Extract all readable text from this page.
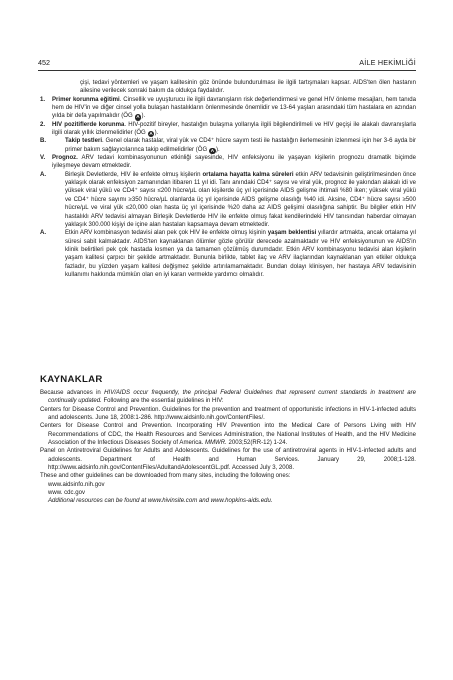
452	AİLE HEKİMLİĞİ

çişi, tedavi yöntemleri ve yaşam kalitesinin göz önünde bulundurulması ile ilgili tartışmaları kapsar. AIDS'ten ölen hastanın ailesine verilecek sonraki bakım da oldukça faydalıdır.

1. Primer korunma eğitimi. Cinsellik ve uyuşturucu ile ilgili davranışların risk değerlendirmesi ve genel HIV önleme mesajları, hem tanıda hem de HIV'in ve diğer cinsel yolla bulaşan hastalıkların önlenmesinde önemlidir ve 13-64 yaşları arasındaki tüm hastalara en azından yılda bir defa yapılmalıdır (ÖG A ).

2. HIV pozitiflerde korunma. HIV-pozitif bireyler, hastalığın bulaşma yollarıyla ilgili bilgilendirilmeli ve HIV geçişi ile alakalı davranışlarla ilgili olarak yıllık izlenmelidirler (ÖG A ).

B.	Takip testleri. Genel olarak hastalar, viral yük ve CD4⁺ hücre sayım testi ile hastalığın ilerlemesinin izlenmesi için her 3-6 ayda bir primer bakım sağlayıcılarınca takip edilmelidirler (ÖG A ).

V. Prognoz. ARV tedavi kombinasyonunun etkinliği sayesinde, HIV enfeksiyonu ile yaşayan kişilerin prognozu dramatik biçimde iyileşmeye devam etmektedir.

A.	Birleşik Devletlerde, HIV ile enfekte olmuş kişilerin ortalama hayatta kalma süreleri etkin ARV tedavisinin geliştirilmesinden önce yaklaşık olarak enfeksiyon zamanından itibaren 11 yıl idi. Tanı anındaki CD4⁺ sayısı ve viral yük, prognoz ile yakından alakalı idi ve yüksek viral yükü ve CD4⁺ sayısı ≤200 hücre/µL olan kişilerde üç yıl içerisinde AIDS gelişme ihtimali %80 iken; yüksek viral yükü ve CD4⁺ hücre sayımı ≥350 hücre/µL olanlarda üç yıl içerisinde AIDS gelişme olasılığı %40 idi. Aksine, CD4⁺ hücre sayısı ≥500 hücre/µL ve viral yük ≤20,000 olan hasta üç yıl içerisinde %20 daha az AIDS gelişimi olasılığına sahiptir. Bu bilgiler etkin HIV hastalıklı ARV tedavisi almayan Birleşik Devletlerde HIV ile enfekte olmuş fakat kendilerindeki HIV tanısından haberdar olmayan yaklaşık 300.000 kişiyi de içine alan hastaları kapsamaya devam etmektedir.

A.	Etkin ARV kombinasyon tedavisi alan pek çok HIV ile enfekte olmuş kişinin yaşam beklentisi yıllardır artmakta, ancak ortalama yıl süresi sabit kalmaktadır. AIDS'ten kaynaklanan ölümler gözle görülür derecede azalmaktadır ve HIV enfeksiyonunun ve AIDS'in klinik belirtileri pek çok hastada kısmen ya da tamamen çözülmüş durumdadır. Etkin ARV kombinasyonu tedavisi alan kişilerin yaşam kalitesi çarpıcı bir şekilde artmaktadır. Bununla birlikte, tablet ilaç ve ARV ilaçlarından kaynaklanan yan etkiler oldukça fazladır, bu yüzden yaşam kalitesi değişmez şekilde artırılamamaktadır. Bundan dolayı klinisyen, her hastaya ARV tedavisinin kullanımı hakkında mümkün olan en iyi kararı vermekte yardımcı olmalıdır.

KAYNAKLAR

Because advances in HIV/AIDS occur frequently, the principal Federal Guidelines that represent current standards in treatment are continually updated. Following are the essential guidelines in HIV:

Centers for Disease Control and Prevention. Guidelines for the prevention and treatment of opportunistic infections in HIV-1-infected adults and adolescents. June 18, 2008:1-286. http://www.aidsinfo.nih.gov/ContentFiles/.

Centers for Disease Control and Prevention. Incorporating HIV Prevention into the Medical Care of Persons Living with HIV Recommendations of CDC, the Health Resources and Services Administration, the National Institutes of Health, and the HIV Medicine Association of the Infectious Diseases Society of America. MMWR. 2003;52(RR-12) 1-24.

Panel on Antiretroviral Guidelines for Adults and Adolescents. Guidelines for the use of antiretroviral agents in HIV-1-infected adults and adolescents. Department of Health and Human Services. January 29, 2008;1-128. http://www.aidsinfo.nih.gov/ContentFiles/AdultandAdolescentGL.pdf. Accessed July 3, 2008.

These and other guidelines can be downloaded from many sites, including the following ones:

www.aidsinfo.nih.gov

www. cdc.gov

Additional resources can be found at www.hivinsite.com and www.hopkins-aids.edu.
